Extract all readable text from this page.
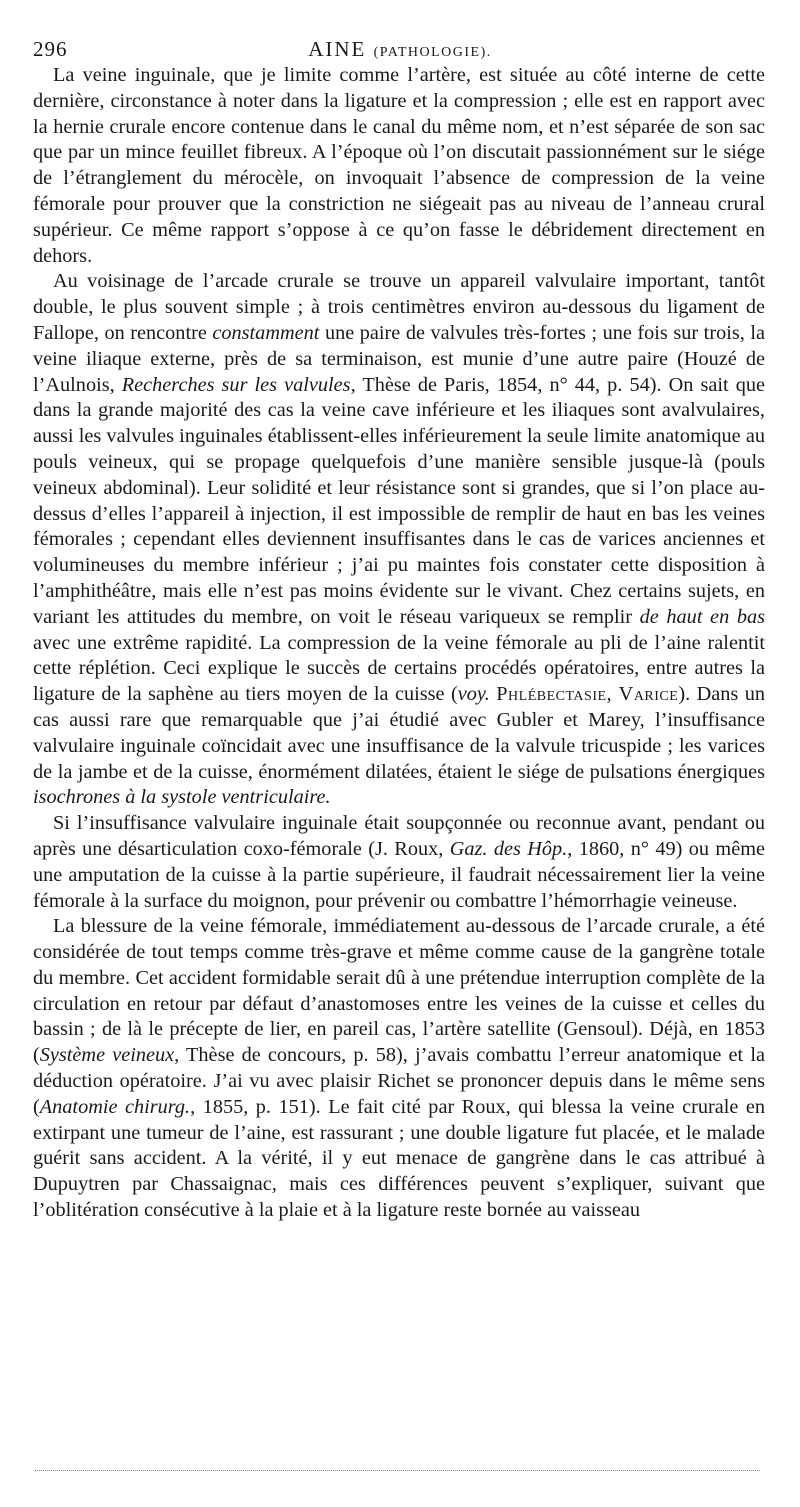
296	AINE (PATHOLOGIE).

La veine inguinale, que je limite comme l’artère, est située au côté interne de cette dernière, circonstance à noter dans la ligature et la compression ; elle est en rapport avec la hernie crurale encore contenue dans le canal du même nom, et n’est séparée de son sac que par un mince feuillet fibreux. A l’époque où l’on discutait passionnément sur le siége de l’étranglement du mérocèle, on invoquait l’absence de compression de la veine fémorale pour prouver que la constriction ne siégeait pas au niveau de l’anneau crural supérieur. Ce même rapport s’oppose à ce qu’on fasse le débridement directement en dehors.

Au voisinage de l’arcade crurale se trouve un appareil valvulaire important, tantôt double, le plus souvent simple ; à trois centimètres environ au-dessous du ligament de Fallope, on rencontre constamment une paire de valvules très-fortes ; une fois sur trois, la veine iliaque externe, près de sa terminaison, est munie d’une autre paire (Houzé de l’Aulnois, Recherches sur les valvules, Thèse de Paris, 1854, n° 44, p. 54). On sait que dans la grande majorité des cas la veine cave inférieure et les iliaques sont avalvulaires, aussi les valvules inguinales établissent-elles inférieurement la seule limite anatomique au pouls veineux, qui se propage quelquefois d’une manière sensible jusque-là (pouls veineux abdominal). Leur solidité et leur résistance sont si grandes, que si l’on place au-dessus d’elles l’appareil à injection, il est impossible de remplir de haut en bas les veines fémorales ; cependant elles deviennent insuffisantes dans le cas de varices anciennes et volumineuses du membre inférieur ; j’ai pu maintes fois constater cette disposition à l’amphithéâtre, mais elle n’est pas moins évidente sur le vivant. Chez certains sujets, en variant les attitudes du membre, on voit le réseau variqueux se remplir de haut en bas avec une extrême rapidité. La compression de la veine fémorale au pli de l’aine ralentit cette réplétion. Ceci explique le succès de certains procédés opératoires, entre autres la ligature de la saphène au tiers moyen de la cuisse (voy. Phlébectasie, Varice). Dans un cas aussi rare que remarquable que j’ai étudié avec Gubler et Marey, l’insuffisance valvulaire inguinale coïncidait avec une insuffisance de la valvule tricuspide ; les varices de la jambe et de la cuisse, énormément dilatées, étaient le siége de pulsations énergiques isochrones à la systole ventriculaire.

Si l’insuffisance valvulaire inguinale était soupçonnée ou reconnue avant, pendant ou après une désarticulation coxo-fémorale (J. Roux, Gaz. des Hôp., 1860, n° 49) ou même une amputation de la cuisse à la partie supérieure, il faudrait nécessairement lier la veine fémorale à la surface du moignon, pour prévenir ou combattre l’hémorrhagie veineuse.

La blessure de la veine fémorale, immédiatement au-dessous de l’arcade crurale, a été considérée de tout temps comme très-grave et même comme cause de la gangrène totale du membre. Cet accident formidable serait dû à une prétendue interruption complète de la circulation en retour par défaut d’anastomoses entre les veines de la cuisse et celles du bassin ; de là le précepte de lier, en pareil cas, l’artère satellite (Gensoul). Déjà, en 1853 (Système veineux, Thèse de concours, p. 58), j’avais combattu l’erreur anatomique et la déduction opératoire. J’ai vu avec plaisir Richet se prononcer depuis dans le même sens (Anatomie chirurg., 1855, p. 151). Le fait cité par Roux, qui blessa la veine crurale en extirpant une tumeur de l’aine, est rassurant ; une double ligature fut placée, et le malade guérit sans accident. A la vérité, il y eut menace de gangrène dans le cas attribué à Dupuytren par Chassaignac, mais ces différences peuvent s’expliquer, suivant que l’oblitération consécutive à la plaie et à la ligature reste bornée au vaisseau
